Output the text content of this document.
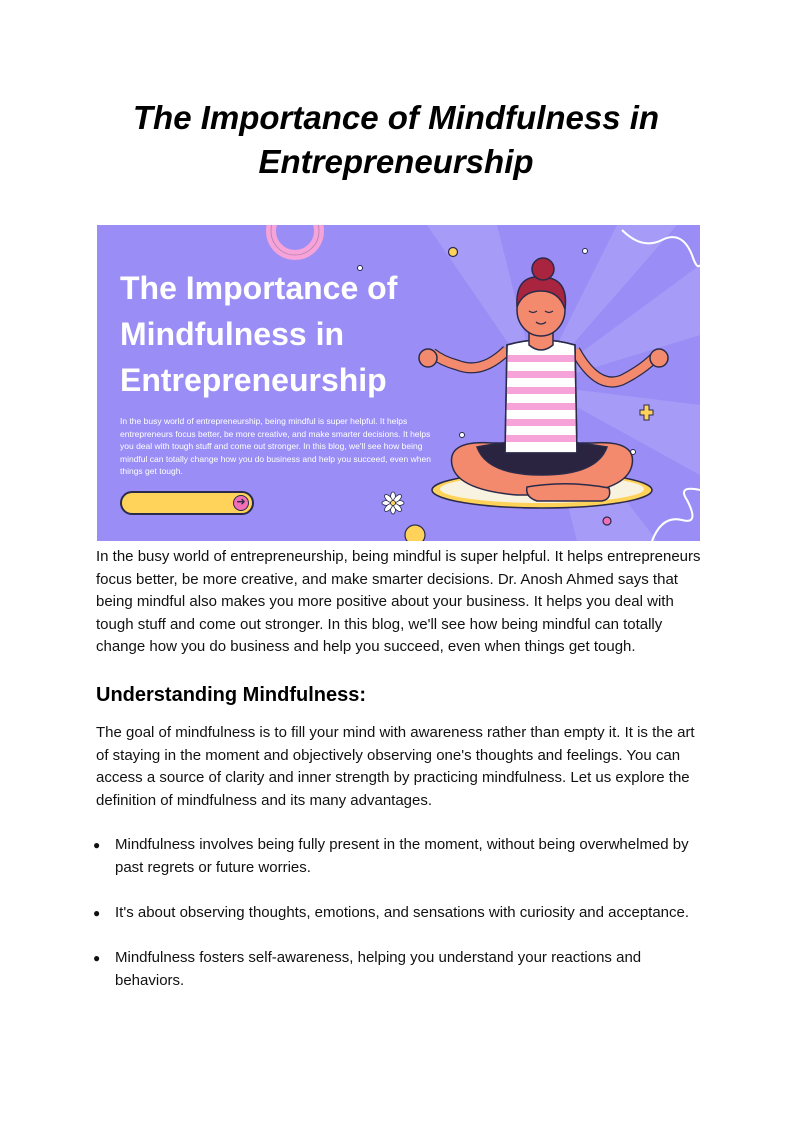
The Importance of Mindfulness in Entrepreneurship
The Importance of Mindfulness in Entrepreneurship

In the busy world of entrepreneurship, being mindful is super helpful. It helps entrepreneurs focus better, be more creative, and make smarter decisions. It helps you deal with tough stuff and come out stronger. In this blog, we'll see how being mindful can totally change how you do business and help you succeed, even when things get tough.

➜

In the busy world of entrepreneurship, being mindful is super helpful. It helps entrepreneurs focus better, be more creative, and make smarter decisions. Dr. Anosh Ahmed says that being mindful also makes you more positive about your business. It helps you deal with tough stuff and come out stronger. In this blog, we'll see how being mindful can totally change how you do business and help you succeed, even when things get tough.

Understanding Mindfulness:

The goal of mindfulness is to fill your mind with awareness rather than empty it. It is the art of staying in the moment and objectively observing one's thoughts and feelings. You can access a source of clarity and inner strength by practicing mindfulness. Let us explore the definition of mindfulness and its many advantages.

● Mindfulness involves being fully present in the moment, without being overwhelmed by past regrets or future worries.
● It's about observing thoughts, emotions, and sensations with curiosity and acceptance.
● Mindfulness fosters self-awareness, helping you understand your reactions and behaviors.
